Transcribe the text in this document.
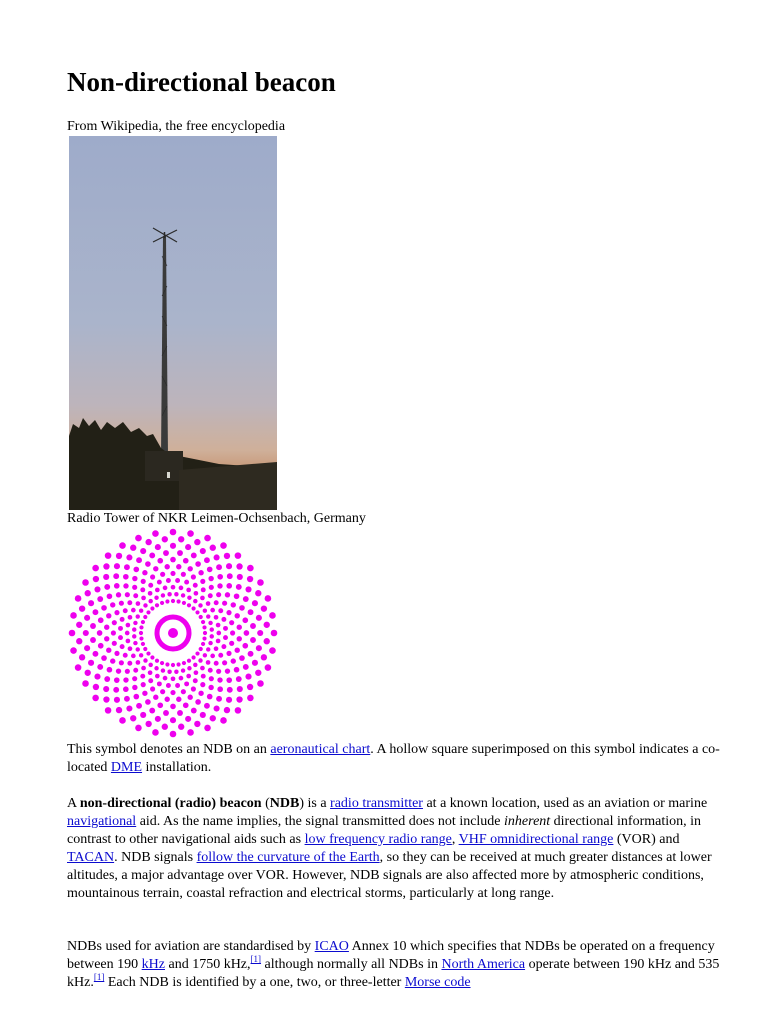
Non-directional beacon
From Wikipedia, the free encyclopedia
Radio Tower of NKR Leimen-Ochsenbach, Germany

This symbol denotes an NDB on an aeronautical chart. A hollow square superimposed on this symbol indicates a co-located DME installation.

A non-directional (radio) beacon (NDB) is a radio transmitter at a known location, used as an aviation or marine navigational aid. As the name implies, the signal transmitted does not include inherent directional information, in contrast to other navigational aids such as low frequency radio range, VHF omnidirectional range (VOR) and TACAN. NDB signals follow the curvature of the Earth, so they can be received at much greater distances at lower altitudes, a major advantage over VOR. However, NDB signals are also affected more by atmospheric conditions, mountainous terrain, coastal refraction and electrical storms, particularly at long range.

NDBs used for aviation are standardised by ICAO Annex 10 which specifies that NDBs be operated on a frequency between 190 kHz and 1750 kHz,[1] although normally all NDBs in North America operate between 190 kHz and 535 kHz.[1] Each NDB is identified by a one, two, or three-letter Morse code
